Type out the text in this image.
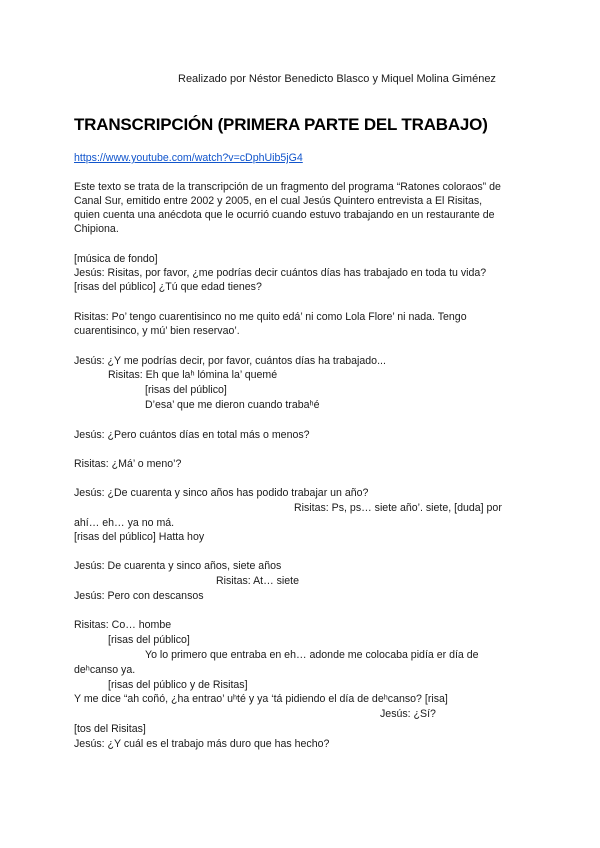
Realizado por Néstor Benedicto Blasco y Miquel Molina Giménez
TRANSCRIPCIÓN (PRIMERA PARTE DEL TRABAJO)
https://www.youtube.com/watch?v=cDphUib5jG4
Este texto se trata de la transcripción de un fragmento del programa “Ratones coloraos” de
Canal Sur, emitido entre 2002 y 2005, en el cual Jesús Quintero entrevista a El Risitas,
quien cuenta una anécdota que le ocurrió cuando estuvo trabajando en un restaurante de
Chipiona.
[música de fondo]
Jesús: Risitas, por favor, ¿me podrías decir cuántos días has trabajado en toda tu vida?
[risas del público] ¿Tú que edad tienes?
Risitas: Po’ tengo cuarentisinco no me quito edá’ ni como Lola Flore’ ni nada. Tengo
cuarentisinco, y mú’ bien reservao’.
Jesús: ¿Y me podrías decir, por favor, cuántos días ha trabajado...
Risitas: Eh que laʰ lómina la’ quemé
[risas del público]
D’esa’ que me dieron cuando trabaʰé
Jesús: ¿Pero cuántos días en total más o menos?
Risitas: ¿Má’ o meno’?
Jesús: ¿De cuarenta y sinco años has podido trabajar un año?
Risitas: Ps, ps… siete año’. siete, [duda] por
ahí… eh… ya no má.
[risas del público] Hatta hoy
Jesús: De cuarenta y sinco años, siete años
Risitas: At… siete
Jesús: Pero con descansos
Risitas: Co… hombe
[risas del público]
Yo lo primero que entraba en eh… adonde me colocaba pidía er día de
deʰcanso ya.
[risas del público y de Risitas]
Y me dice “ah coñó, ¿ha entrao’ uʰté y ya ‘tá pidiendo el día de deʰcanso? [risa]
Jesús: ¿Sí?
[tos del Risitas]
Jesús: ¿Y cuál es el trabajo más duro que has hecho?
